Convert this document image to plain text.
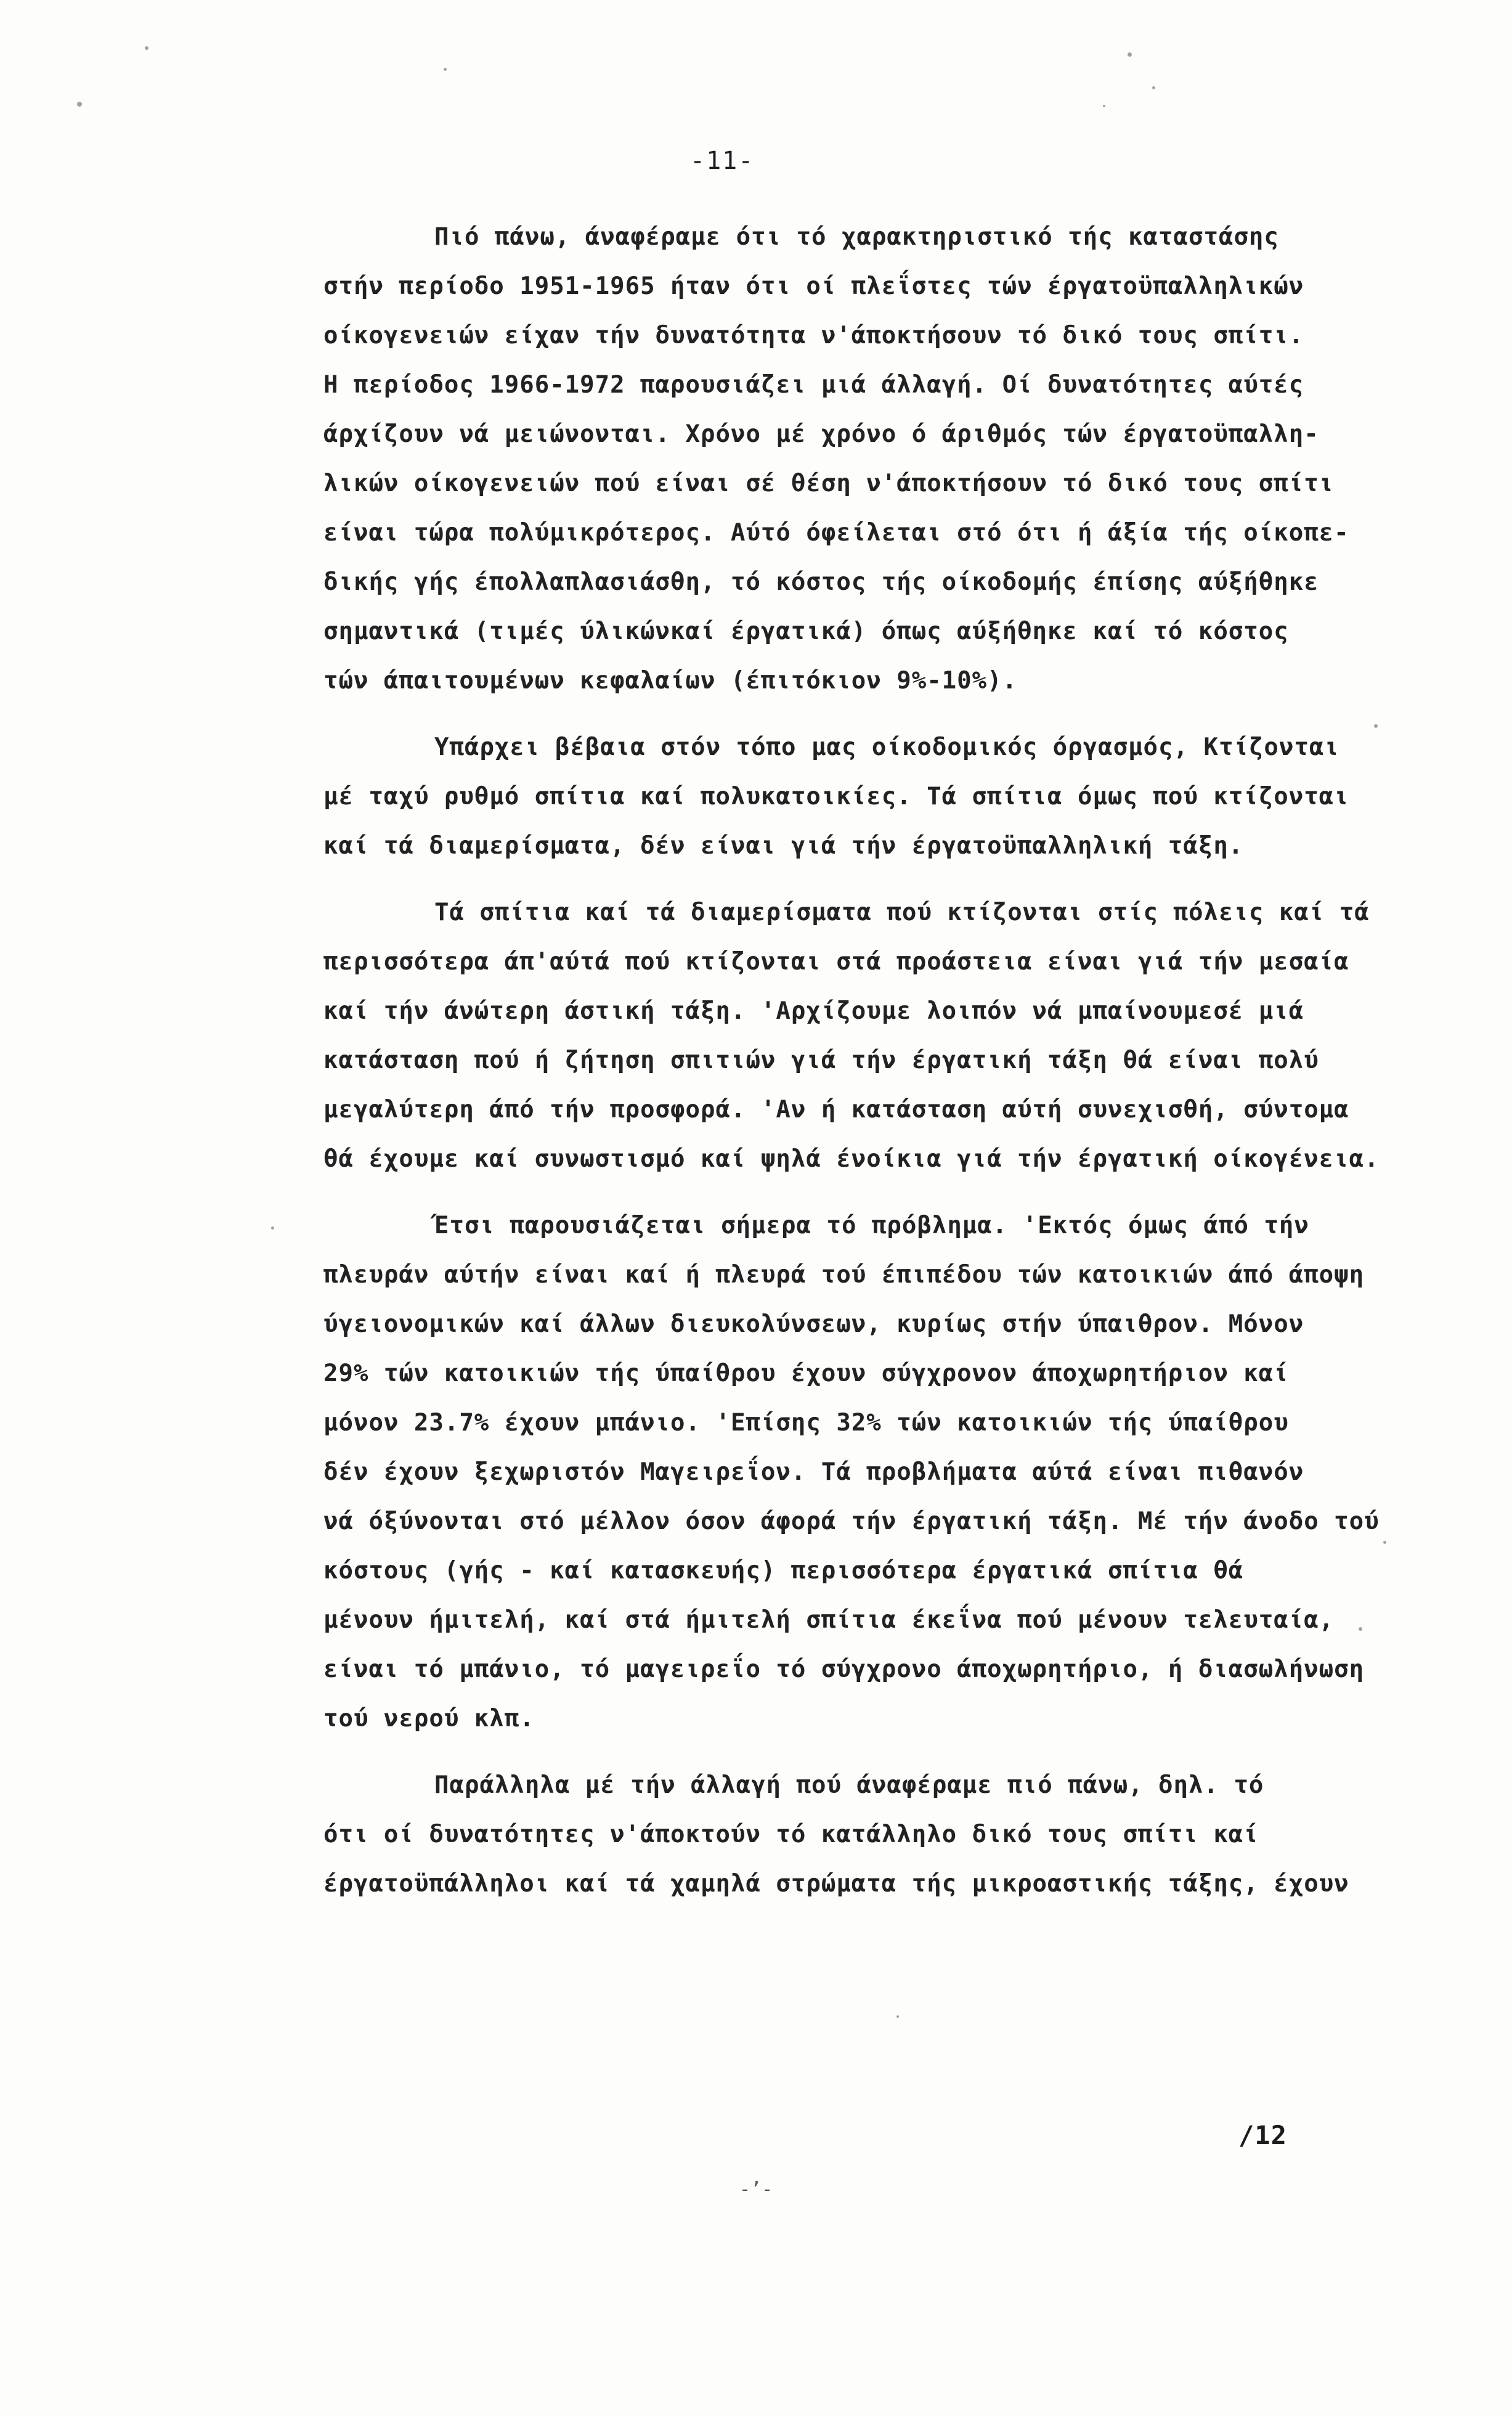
-11-
Πιό πάνω, άναφέραμε ότι τό χαρακτηριστικό τής καταστάσης
στήν περίοδο 1951-1965 ήταν ότι οί πλεΐστες τών έργατοϋπαλληλικών
οίκογενειών είχαν τήν δυνατότητα ν'άποκτήσουν τό δικό τους σπίτι.
Η περίοδος 1966-1972 παρουσιάζει μιά άλλαγή. Οί δυνατότητες αύτές
άρχίζουν νά μειώνονται. Χρόνο μέ χρόνο ό άριθμός τών έργατοϋπαλλη-
λικών οίκογενειών πού είναι σέ θέση ν'άποκτήσουν τό δικό τους σπίτι
είναι τώρα πολύμικρότερος. Αύτό όφείλεται στό ότι ή άξία τής οίκοπε-
δικής γής έπολλαπλασιάσθη, τό κόστος τής οίκοδομής έπίσης αύξήθηκε
σημαντικά (τιμές ύλικώνκαί έργατικά) όπως αύξήθηκε καί τό κόστος
τών άπαιτουμένων κεφαλαίων (έπιτόκιον 9%-10%).
Υπάρχει βέβαια στόν τόπο μας οίκοδομικός όργασμός, Κτίζονται
μέ ταχύ ρυθμό σπίτια καί πολυκατοικίες. Τά σπίτια όμως πού κτίζονται
καί τά διαμερίσματα, δέν είναι γιά τήν έργατοϋπαλληλική τάξη.
Τά σπίτια καί τά διαμερίσματα πού κτίζονται στίς πόλεις καί τά
περισσότερα άπ'αύτά πού κτίζονται στά προάστεια είναι γιά τήν μεσαία
καί τήν άνώτερη άστική τάξη. 'Αρχίζουμε λοιπόν νά μπαίνουμεσέ μιά
κατάσταση πού ή ζήτηση σπιτιών γιά τήν έργατική τάξη θά είναι πολύ
μεγαλύτερη άπό τήν προσφορά. 'Αν ή κατάσταση αύτή συνεχισθή, σύντομα
θά έχουμε καί συνωστισμό καί ψηλά ένοίκια γιά τήν έργατική οίκογένεια.
Έτσι παρουσιάζεται σήμερα τό πρόβλημα. 'Εκτός όμως άπό τήν
πλευράν αύτήν είναι καί ή πλευρά τού έπιπέδου τών κατοικιών άπό άποψη
ύγειονομικών καί άλλων διευκολύνσεων, κυρίως στήν ύπαιθρον. Μόνον
29% τών κατοικιών τής ύπαίθρου έχουν σύγχρονον άποχωρητήριον καί
μόνον 23.7% έχουν μπάνιο. 'Επίσης 32% τών κατοικιών τής ύπαίθρου
δέν έχουν ξεχωριστόν Μαγειρεΐον. Τά προβλήματα αύτά είναι πιθανόν
νά όξύνονται στό μέλλον όσον άφορά τήν έργατική τάξη. Μέ τήν άνοδο τού
κόστους (γής - καί κατασκευής) περισσότερα έργατικά σπίτια θά
μένουν ήμιτελή, καί στά ήμιτελή σπίτια έκεΐνα πού μένουν τελευταία,
είναι τό μπάνιο, τό μαγειρεΐο τό σύγχρονο άποχωρητήριο, ή διασωλήνωση
τού νερού κλπ.
Παράλληλα μέ τήν άλλαγή πού άναφέραμε πιό πάνω, δηλ. τό
ότι οί δυνατότητες ν'άποκτούν τό κατάλληλο δικό τους σπίτι καί
έργατοϋπάλληλοι καί τά χαμηλά στρώματα τής μικροαστικής τάξης, έχουν
/12
-ʼ-
